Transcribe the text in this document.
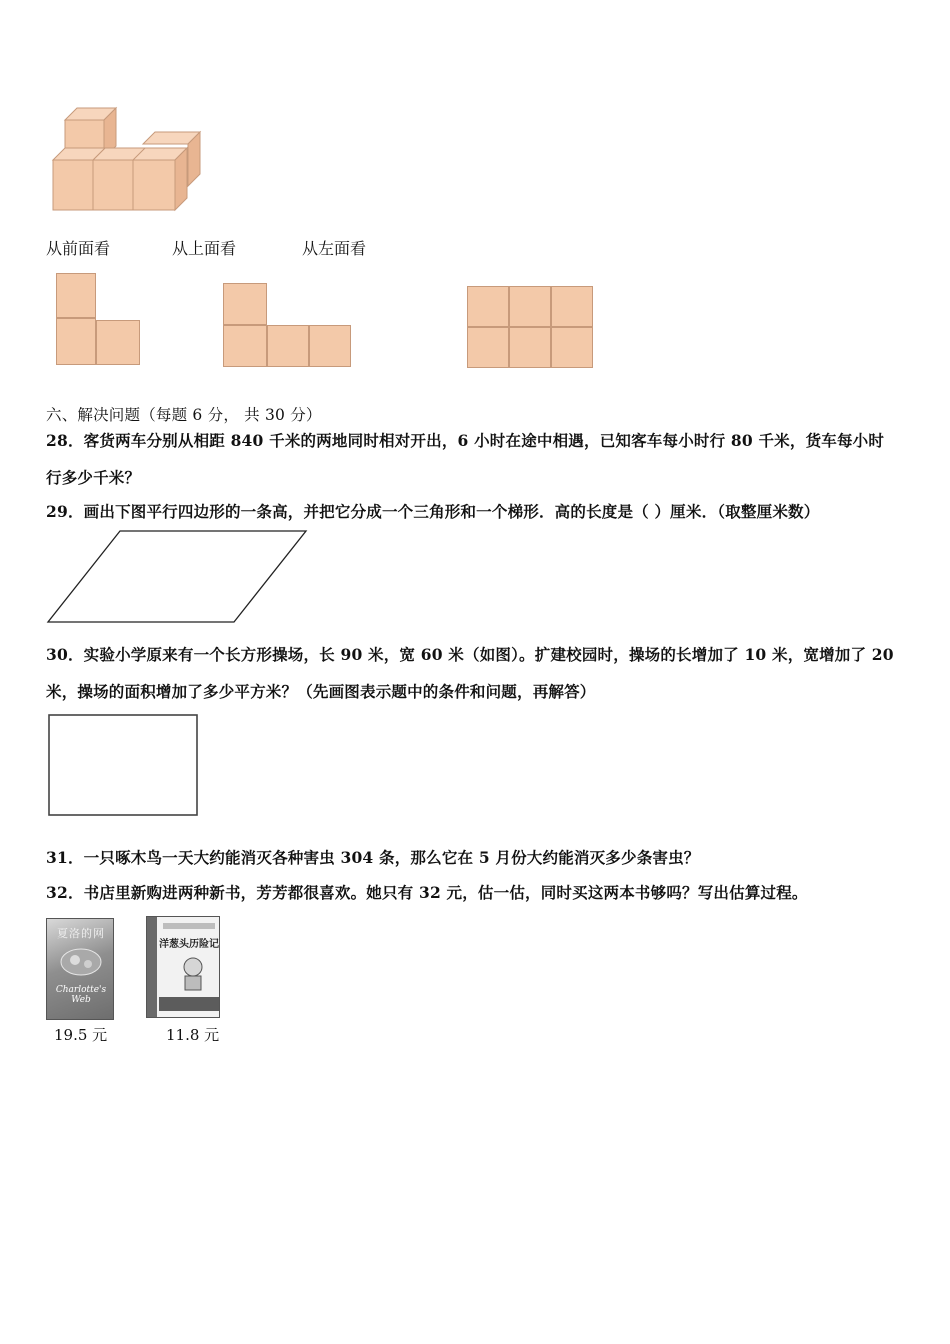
从前面看	从上面看	从左面看
六、解决问题（每题 6 分， 共 30 分）
28．客货两车分别从相距 840 千米的两地同时相对开出，6 小时在途中相遇，已知客车每小时行 80 千米，货车每小时
行多少千米？
29．画出下图平行四边形的一条高，并把它分成一个三角形和一个梯形．高的长度是（ ）厘米．（取整厘米数）
30．实验小学原来有一个长方形操场，长 90 米，宽 60 米（如图）。扩建校园时，操场的长增加了 10 米，宽增加了 20
米，操场的面积增加了多少平方米？（先画图表示题中的条件和问题，再解答）
31．一只啄木鸟一天大约能消灭各种害虫 304 条，那么它在 5 月份大约能消灭多少条害虫？
32．书店里新购进两种新书，芳芳都很喜欢。她只有 32 元，估一估，同时买这两本书够吗？写出估算过程。
夏洛的网
Charlotte's Web
19.5 元
洋葱头历险记
11.8 元
